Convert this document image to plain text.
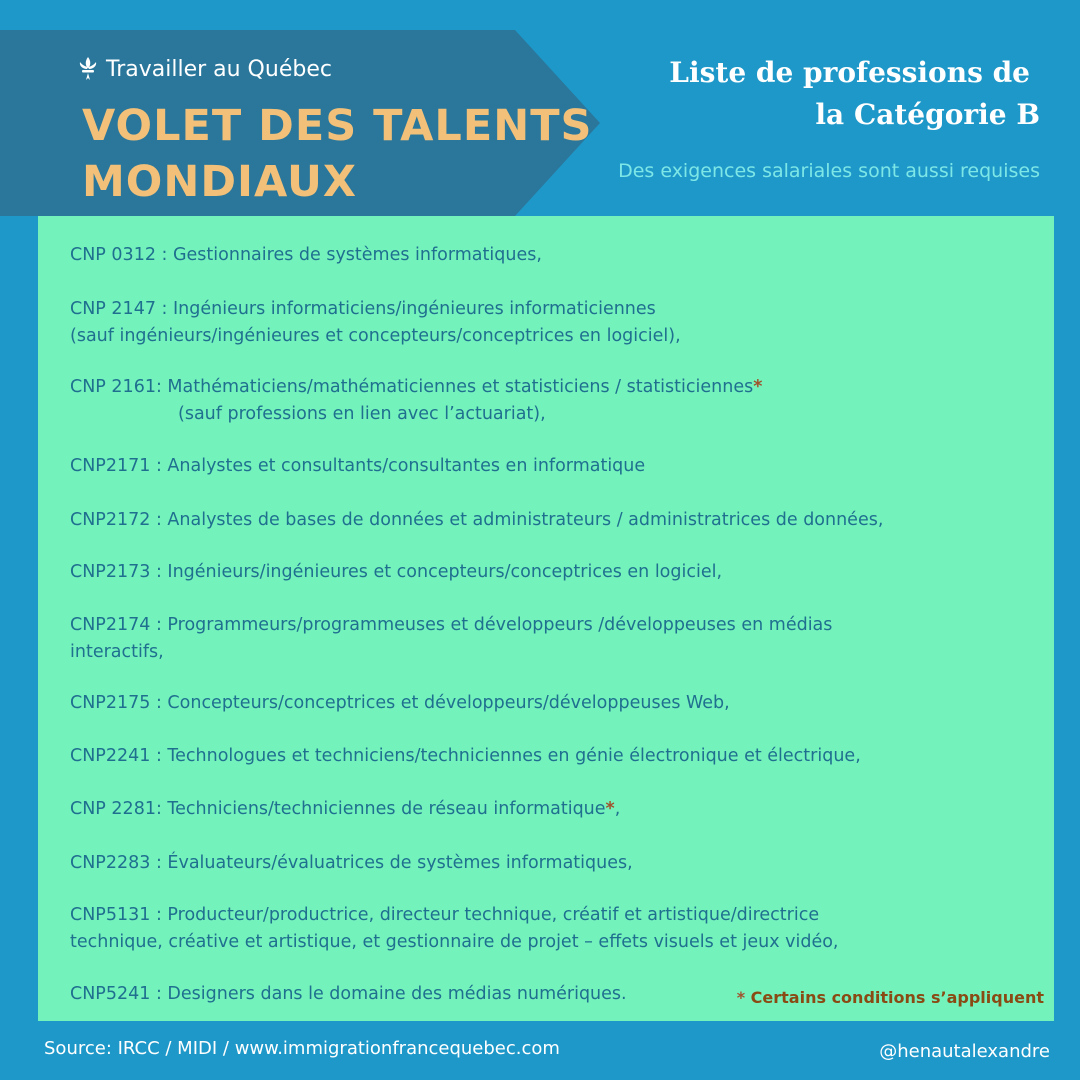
Travailler au Québec
VOLET DES TALENTS
MONDIAUX
Liste de professions de
la Catégorie B
Des exigences salariales sont aussi requises
CNP 0312 : Gestionnaires de systèmes informatiques,
CNP 2147 : Ingénieurs informaticiens/ingénieures informaticiennes
(sauf ingénieurs/ingénieures et concepteurs/conceptrices en logiciel),
CNP 2161: Mathématiciens/mathématiciennes et statisticiens / statisticiennes*
(sauf professions en lien avec l’actuariat),
CNP2171 : Analystes et consultants/consultantes en informatique
CNP2172 : Analystes de bases de données et administrateurs / administratrices de données,
CNP2173 : Ingénieurs/ingénieures et concepteurs/conceptrices en logiciel,
CNP2174 : Programmeurs/programmeuses et développeurs /développeuses en médias
interactifs,
CNP2175 : Concepteurs/conceptrices et développeurs/développeuses Web,
CNP2241 : Technologues et techniciens/techniciennes en génie électronique et électrique,
CNP 2281: Techniciens/techniciennes de réseau informatique*,
CNP2283 : Évaluateurs/évaluatrices de systèmes informatiques,
CNP5131 : Producteur/productrice, directeur technique, créatif et artistique/directrice
technique, créative et artistique, et gestionnaire de projet – effets visuels et jeux vidéo,
CNP5241 : Designers dans le domaine des médias numériques.	* Certains conditions s’appliquent
Source: IRCC / MIDI / www.immigrationfrancequebec.com	@henautalexandre
